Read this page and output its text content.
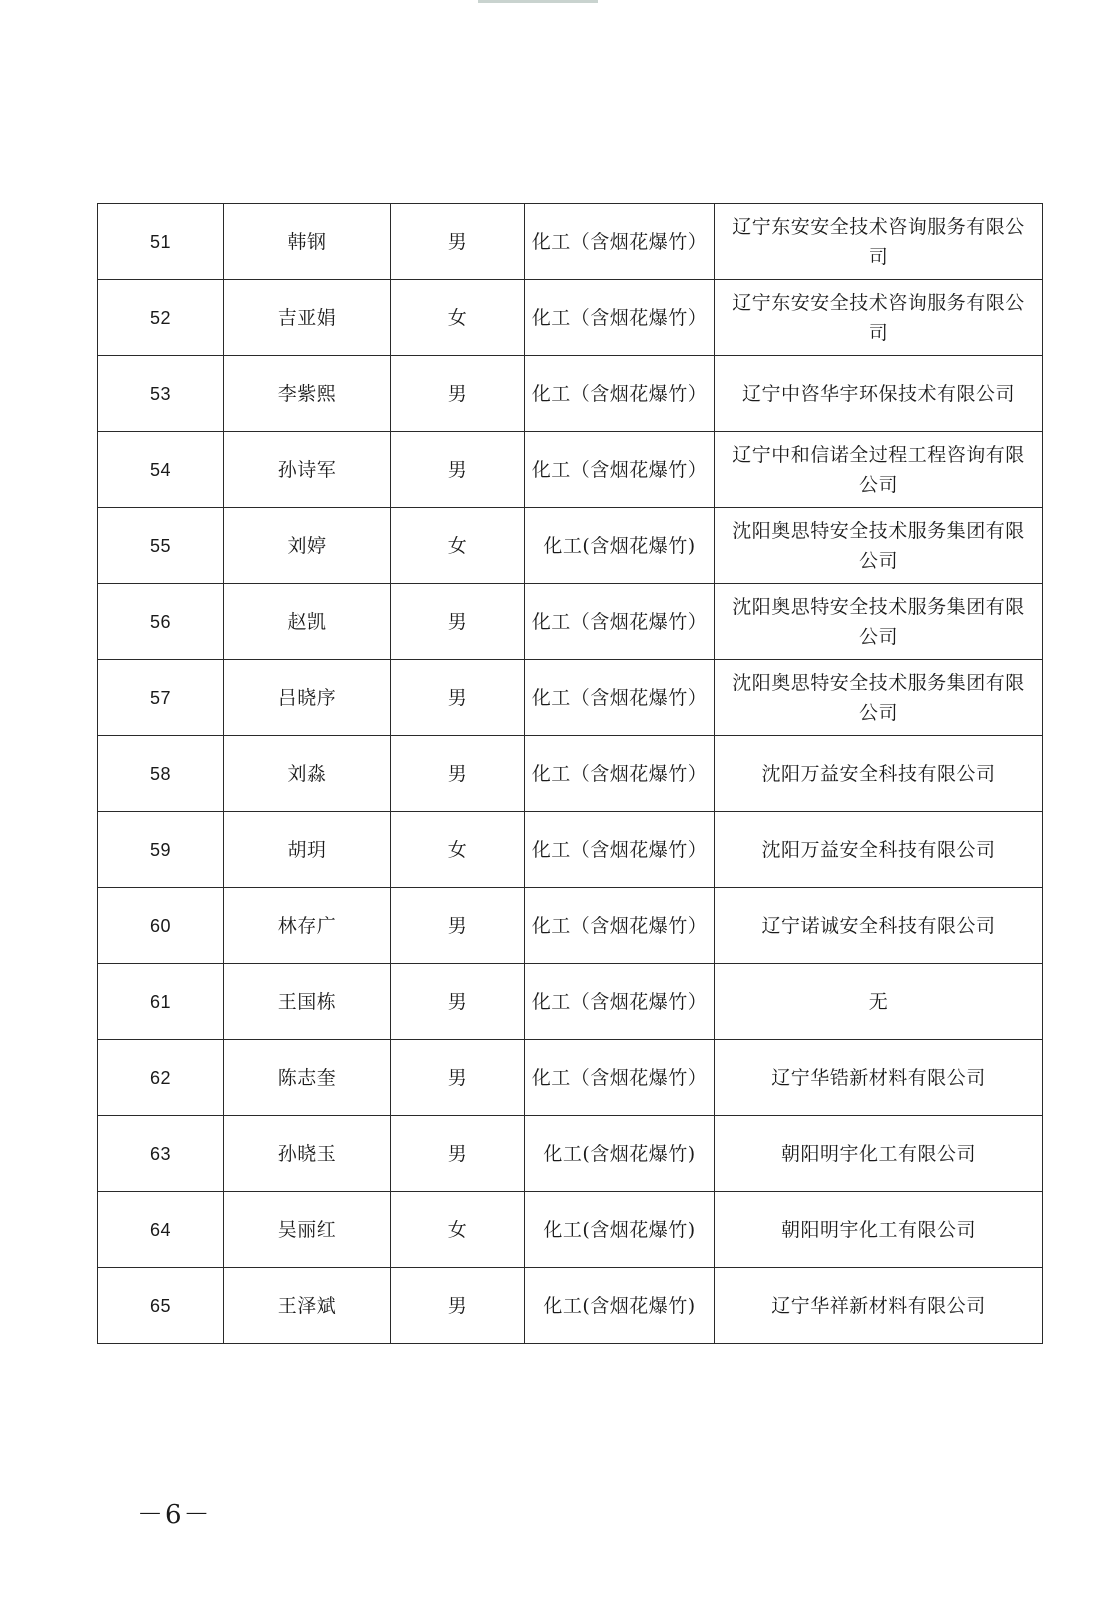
51	韩钢	男	化工（含烟花爆竹）	辽宁东安安全技术咨询服务有限公司
52	吉亚娟	女	化工（含烟花爆竹）	辽宁东安安全技术咨询服务有限公司
53	李紫熙	男	化工（含烟花爆竹）	辽宁中咨华宇环保技术有限公司
54	孙诗军	男	化工（含烟花爆竹）	辽宁中和信诺全过程工程咨询有限公司
55	刘婷	女	化工(含烟花爆竹)	沈阳奥思特安全技术服务集团有限公司
56	赵凯	男	化工（含烟花爆竹）	沈阳奥思特安全技术服务集团有限公司
57	吕晓序	男	化工（含烟花爆竹）	沈阳奥思特安全技术服务集团有限公司
58	刘淼	男	化工（含烟花爆竹）	沈阳万益安全科技有限公司
59	胡玥	女	化工（含烟花爆竹）	沈阳万益安全科技有限公司
60	林存广	男	化工（含烟花爆竹）	辽宁诺诚安全科技有限公司
61	王国栋	男	化工（含烟花爆竹）	无
62	陈志奎	男	化工（含烟花爆竹）	辽宁华锆新材料有限公司
63	孙晓玉	男	化工(含烟花爆竹)	朝阳明宇化工有限公司
64	吴丽红	女	化工(含烟花爆竹)	朝阳明宇化工有限公司
65	王泽斌	男	化工(含烟花爆竹)	辽宁华祥新材料有限公司
－6－
